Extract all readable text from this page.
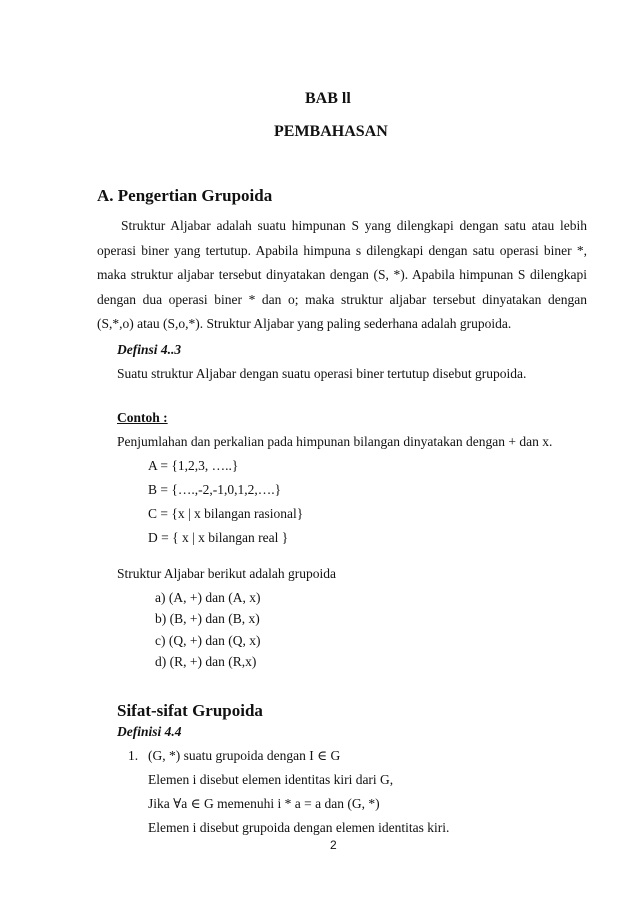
BAB ll
PEMBAHASAN
A. Pengertian Grupoida
Struktur Aljabar adalah suatu himpunan S yang dilengkapi dengan satu atau lebih operasi biner yang tertutup. Apabila himpuna s dilengkapi dengan satu operasi biner *, maka struktur aljabar tersebut dinyatakan dengan (S, *). Apabila himpunan S dilengkapi dengan dua operasi biner * dan o; maka struktur aljabar tersebut dinyatakan dengan (S,*,o) atau (S,o,*). Struktur Aljabar yang paling sederhana adalah grupoida.
Definsi 4..3
Suatu struktur Aljabar dengan suatu operasi biner tertutup disebut grupoida.
Contoh :
Penjumlahan dan perkalian pada himpunan bilangan dinyatakan dengan + dan x.
A = {1,2,3, …..}
B = {….,-2,-1,0,1,2,….}
C = {x | x bilangan rasional}
D = { x | x bilangan real }
Struktur Aljabar berikut adalah grupoida
a) (A, +) dan (A, x)
b) (B, +) dan (B, x)
c) (Q, +) dan (Q, x)
d) (R, +) dan (R,x)
Sifat-sifat Grupoida
Definisi 4.4
1. (G, *) suatu grupoida dengan I ∈ G
Elemen i disebut elemen identitas kiri dari G,
Jika ∀a ∈ G memenuhi i * a = a dan (G, *)
Elemen i disebut grupoida dengan elemen identitas kiri.
2
